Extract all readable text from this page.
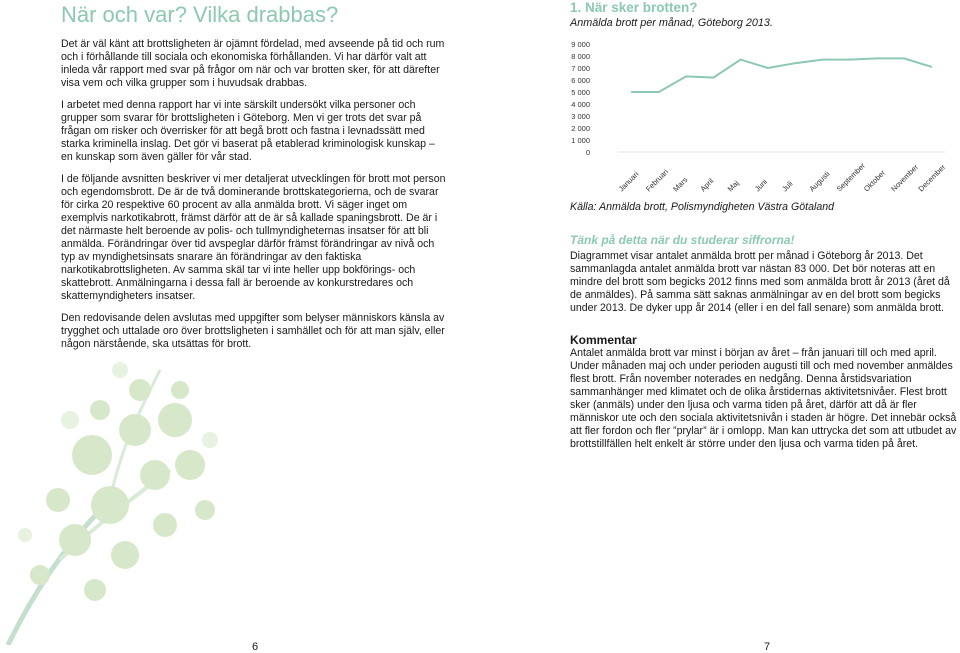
När och var? Vilka drabbas?

Det är väl känt att brottsligheten är ojämnt fördelad, med avseende på tid och rum och i förhållande till sociala och ekonomiska förhållanden. Vi har därför valt att inleda vår rapport med svar på frågor om när och var brotten sker, för att därefter visa vem och vilka grupper som i huvudsak drabbas.

I arbetet med denna rapport har vi inte särskilt undersökt vilka personer och grupper som svarar för brottsligheten i Göteborg. Men vi ger trots det svar på frågan om risker och överrisker för att begå brott och fastna i levnadssätt med starka kriminella inslag. Det gör vi baserat på etablerad kriminologisk kunskap – en kunskap som även gäller för vår stad.

I de följande avsnitten beskriver vi mer detaljerat utvecklingen för brott mot person och egendomsbrott. De är de två dominerande brottskategorierna, och de svarar för cirka 20 respektive 60 procent av alla anmälda brott. Vi säger inget om exemplvis narkotikabrott, främst därför att de är så kallade spaningsbrott. De är i det närmaste helt beroende av polis- och tullmyndigheternas insatser för att bli anmälda. Förändringar över tid avspeglar därför främst förändringar av nivå och typ av myndighetsinsats snarare än förändringar av den faktiska narkotikabrottsligheten. Av samma skäl tar vi inte heller upp bokförings- och skattebrott. Anmälningarna i dessa fall är beroende av konkurstredares och skattemyndigheters insatser.

Den redovisande delen avslutas med uppgifter som belyser människors känsla av trygghet och uttalade oro över brottsligheten i samhället och för att man själv, eller någon närstående, ska utsättas för brott.

6
1. När sker brotten?
Anmälda brott per månad, Göteborg 2013.
0
1 000
2 000
3 000
4 000
5 000
6 000
7 000
8 000
9 000
Januari Februari Mars April Maj Juni Juli Augusti September
Oktober November
December
Källa: Anmälda brott, Polismyndigheten Västra Götaland
Tänk på detta när du studerar siffrorna!
Diagrammet visar antalet anmälda brott per månad i Göteborg år 2013. Det sammanlagda antalet anmälda brott var nästan 83 000. Det bör noteras att en mindre del brott som begicks 2012 finns med som anmälda brott år 2013 (året då de anmäldes). På samma sätt saknas anmälningar av en del brott som begicks under 2013. De dyker upp år 2014 (eller i en del fall senare) som anmälda brott.
Kommentar
Antalet anmälda brott var minst i början av året – från januari till och med april. Under månaden maj och under perioden augusti till och med november anmäldes flest brott. Från november noterades en nedgång. Denna årstidsvariation sammanhänger med klimatet och de olika årstidernas aktivitetsnivåer. Flest brott sker (anmäls) under den ljusa och varma tiden på året, därför att då är fler människor ute och den sociala aktivitetsnivån i staden är högre. Det innebär också att fler fordon och fler ”prylar” är i omlopp. Man kan uttrycka det som att utbudet av brottstillfällen helt enkelt är större under den ljusa och varma tiden på året.
7
